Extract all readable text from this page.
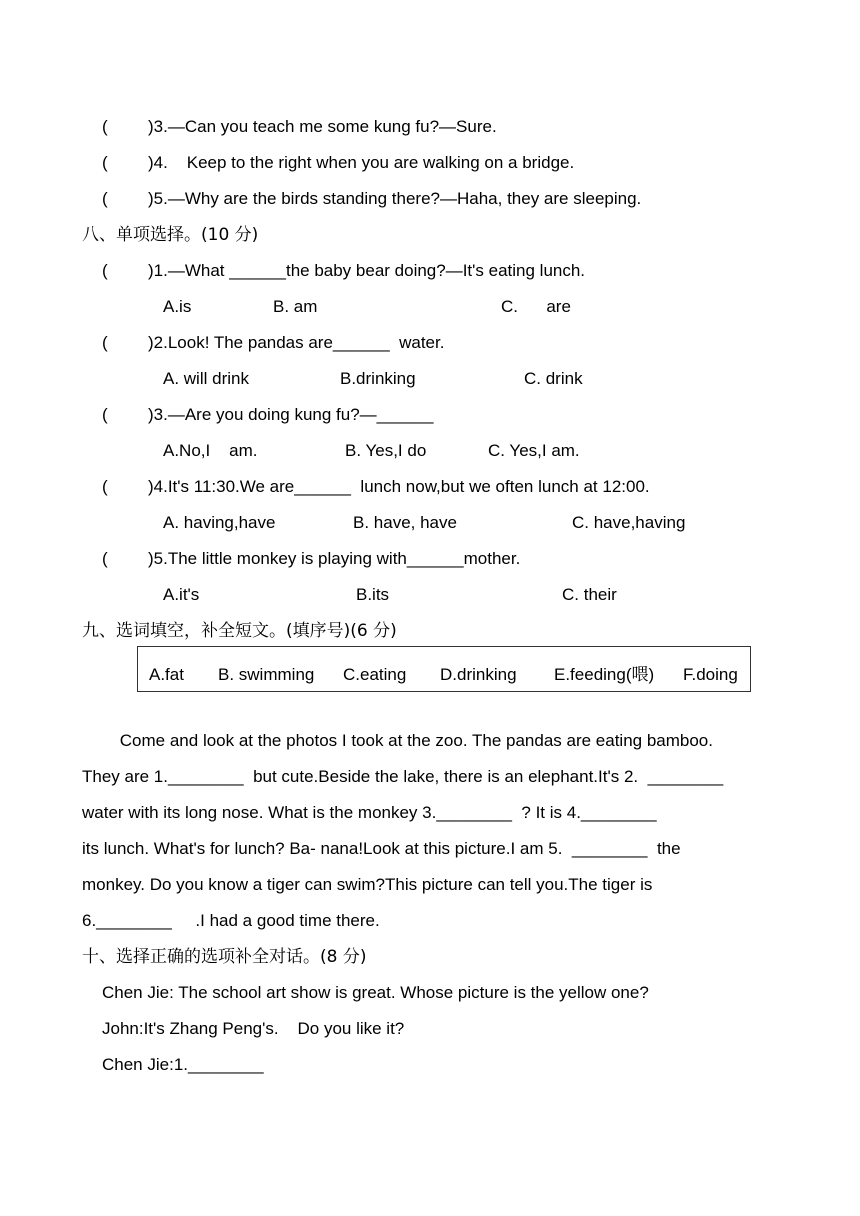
( )3.—Can you teach me some kung fu?—Sure.
( )4.    Keep to the right when you are walking on a bridge.
( )5.—Why are the birds standing there?—Haha, they are sleeping.
八、单项选择。(10 分)
( )1.—What ______the baby bear doing?—It's eating lunch.
A.is	B. am	C.      are
( )2.Look! The pandas are______  water.
A. will drink	B.drinking	C. drink
( )3.—Are you doing kung fu?—______
A.No,I    am.	B. Yes,I do	C. Yes,I am.
( )4.It's 11:30.We are______  lunch now,but we often lunch at 12:00.
A. having,have	B. have, have	C. have,having
( )5.The little monkey is playing with______mother.
A.it's	B.its	C. their
九、选词填空，补全短文。(填序号)(6 分)
A.fat B. swimming C.eating D.drinking E.feeding(喂) F.doing
Come and look at the photos I took at the zoo. The pandas are eating bamboo.
They are 1.________  but cute.Beside the lake, there is an elephant.It's 2.  ________
water with its long nose. What is the monkey 3.________  ? It is 4.________
its lunch. What's for lunch? Ba- nana!Look at this picture.I am 5.  ________  the
monkey. Do you know a tiger can swim?This picture can tell you.The tiger is
6.________     .I had a good time there.
十、选择正确的选项补全对话。(8 分)
Chen Jie: The school art show is great. Whose picture is the yellow one?
John:It's Zhang Peng's.    Do you like it?
Chen Jie:1.________
